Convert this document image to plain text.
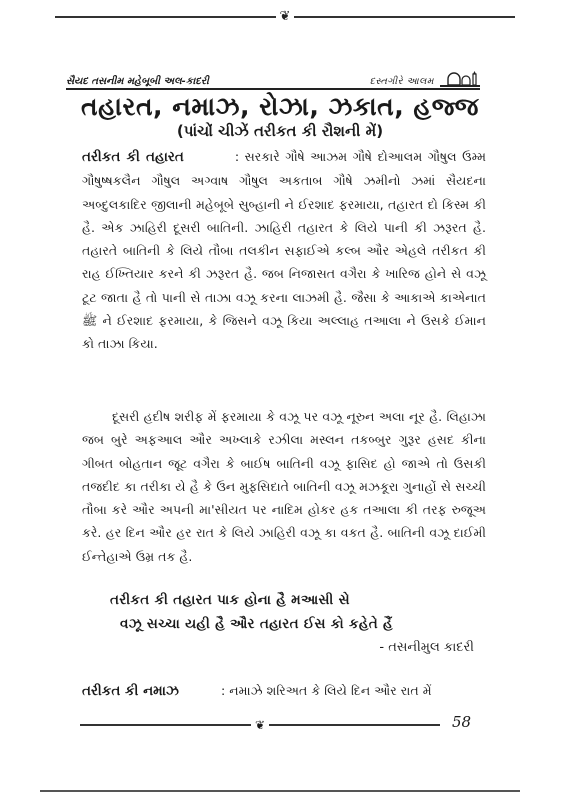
❦
સૈયદ તસનીમ મહેબૂબી અલ-કાદરી	દસ્તગીરે આલમ
તહારત, નમાઝ, રોઝા, ઝકાત, હજ્જ
(પાંચોં ચીઝેં તરીકત કી રૌશની મેં)
તરીકત કી તહારત	: સરકારે ગૌષે આઝમ ગૌષે દોઆલમ ગૌષુલ ઉમ્મ ગૌષુષ્ષકલૈન ગૌષુલ અગ્વાષ ગૌષુલ અકતાબ ગૌષે ઝમીનો ઝમાં સૈયદના અબ્દુલકાદિર જીલાની મહેબૂબે સુબ્હાની ને ઈરશાદ ફરમાયા, તહારત દો કિસ્મ કી હૈ. એક ઝાહિરી દૂસરી બાતિની. ઝાહિરી તહારત કે લિયે પાની કી ઝરૂરત હૈ. તહારતે બાતિની કે લિયે તૌબા તલકીન સફાઈએ કલ્બ ઔર એહલે તરીકત કી રાહ ઈખ્તિયાર કરને કી ઝરૂરત હૈ. જબ નિજાસત વગૈરા કે ખારિજ હોને સે વઝૂ ટૂટ જાતા હૈ તો પાની સે તાઝા વઝૂ કરના લાઝમી હૈ. જૈસા કે આકાએ કાએનાત ﷺ ને ઈરશાદ ફરમાયા, કે જિસને વઝૂ કિયા અલ્લાહ તઆલા ને ઉસકે ઈમાન કો તાઝા કિયા.
દૂસરી હદીષ શરીફ મેં ફરમાયા કે વઝૂ પર વઝૂ નૂરુન અલા નૂર હૈ. લિહાઝા જબ બુરે અફઆલ ઔર અખ્લાકે રઝીલા મસ્લન તકબ્બુર ગુરૂર હસદ કીના ગીબત બોહતાન જૂટ વગૈરા કે બાઈષ બાતિની વઝૂ ફાસિદ હો જાએ તો ઉસકી તજદીદ કા તરીકા યે હૈ કે ઉન મુફસિદાતે બાતિની વઝૂ મઝકૂરા ગુનાહોં સે સચ્ચી તૌબા કરે ઔર અપની મા'સીયત પર નાદિમ હોકર હક તઆલા કી તરફ રુજૂઅ કરે. હર દિન ઔર હર રાત કે લિયે ઝાહિરી વઝૂ કા વકત હૈ. બાતિની વઝૂ દાઈમી ઈન્તેહાએ ઉમ્ર તક હૈ.
તરીકત કી તહારત પાક હોના હૈ મઆસી સે
વઝૂ સચ્ચા યહી હૈ ઔર તહારત ઈસ કો કહેતે હૈં
- તસનીમુલ કાદરી
તરીકત કી નમાઝ	: નમાઝે શરિઅત કે લિયે દિન ઔર રાત મેં
❦	58
